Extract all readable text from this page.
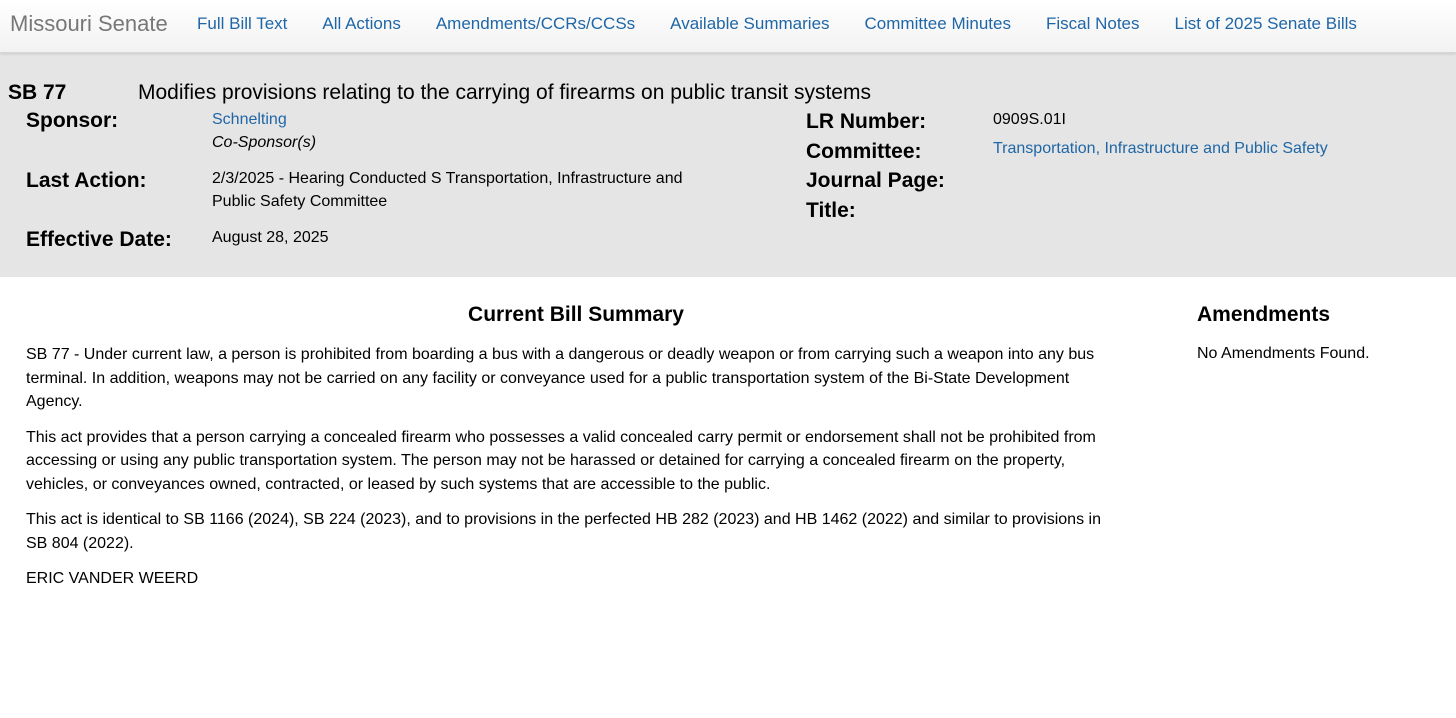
Missouri Senate Full Bill Text All Actions Amendments/CCRs/CCSs Available Summaries Committee Minutes Fiscal Notes List of 2025 Senate Bills
SB 77	Modifies provisions relating to the carrying of firearms on public transit systems
Sponsor:	Schnelting
Co-Sponsor(s)
Last Action:	2/3/2025 - Hearing Conducted S Transportation, Infrastructure and Public Safety Committee
Effective Date:	August 28, 2025
LR Number:	0909S.01I
Committee:	Transportation, Infrastructure and Public Safety
Journal Page:
Title:
Current Bill Summary

SB 77 - Under current law, a person is prohibited from boarding a bus with a dangerous or deadly weapon or from carrying such a weapon into any bus terminal. In addition, weapons may not be carried on any facility or conveyance used for a public transportation system of the Bi-State Development Agency.

This act provides that a person carrying a concealed firearm who possesses a valid concealed carry permit or endorsement shall not be prohibited from accessing or using any public transportation system. The person may not be harassed or detained for carrying a concealed firearm on the property, vehicles, or conveyances owned, contracted, or leased by such systems that are accessible to the public.

This act is identical to SB 1166 (2024), SB 224 (2023), and to provisions in the perfected HB 282 (2023) and HB 1462 (2022) and similar to provisions in SB 804 (2022).

ERIC VANDER WEERD

Amendments
No Amendments Found.
